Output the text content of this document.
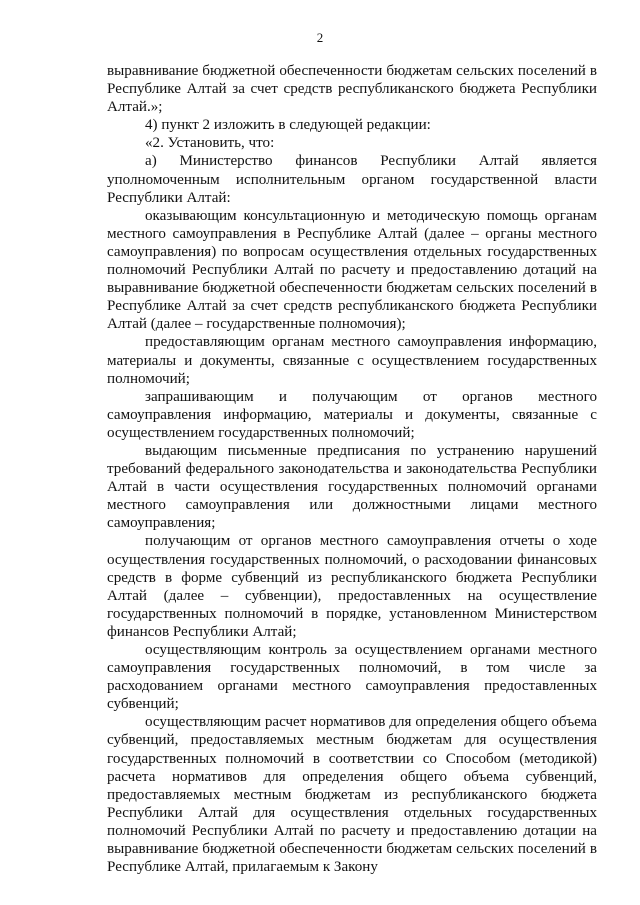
2

выравнивание бюджетной обеспеченности бюджетам сельских поселений в Республике Алтай за счет средств республиканского бюджета Республики Алтай.»;

4) пункт 2 изложить в следующей редакции:

«2. Установить, что:

а) Министерство финансов Республики Алтай является уполномоченным исполнительным органом государственной власти Республики Алтай:

оказывающим консультационную и методическую помощь органам местного самоуправления в Республике Алтай (далее – органы местного самоуправления) по вопросам осуществления отдельных государственных полномочий Республики Алтай по расчету и предоставлению дотаций на выравнивание бюджетной обеспеченности бюджетам сельских поселений в Республике Алтай за счет средств республиканского бюджета Республики Алтай (далее – государственные полномочия);

предоставляющим органам местного самоуправления информацию, материалы и документы, связанные с осуществлением государственных полномочий;

запрашивающим и получающим от органов местного самоуправления информацию, материалы и документы, связанные с осуществлением государственных полномочий;

выдающим письменные предписания по устранению нарушений требований федерального законодательства и законодательства Республики Алтай в части осуществления государственных полномочий органами местного самоуправления или должностными лицами местного самоуправления;

получающим от органов местного самоуправления отчеты о ходе осуществления государственных полномочий, о расходовании финансовых средств в форме субвенций из республиканского бюджета Республики Алтай (далее – субвенции), предоставленных на осуществление государственных полномочий в порядке, установленном Министерством финансов Республики Алтай;

осуществляющим контроль за осуществлением органами местного самоуправления государственных полномочий, в том числе за расходованием органами местного самоуправления предоставленных субвенций;

осуществляющим расчет нормативов для определения общего объема субвенций, предоставляемых местным бюджетам для осуществления государственных полномочий в соответствии со Способом (методикой) расчета нормативов для определения общего объема субвенций, предоставляемых местным бюджетам из республиканского бюджета Республики Алтай для осуществления отдельных государственных полномочий Республики Алтай по расчету и предоставлению дотации на выравнивание бюджетной обеспеченности бюджетам сельских поселений в Республике Алтай, прилагаемым к Закону
